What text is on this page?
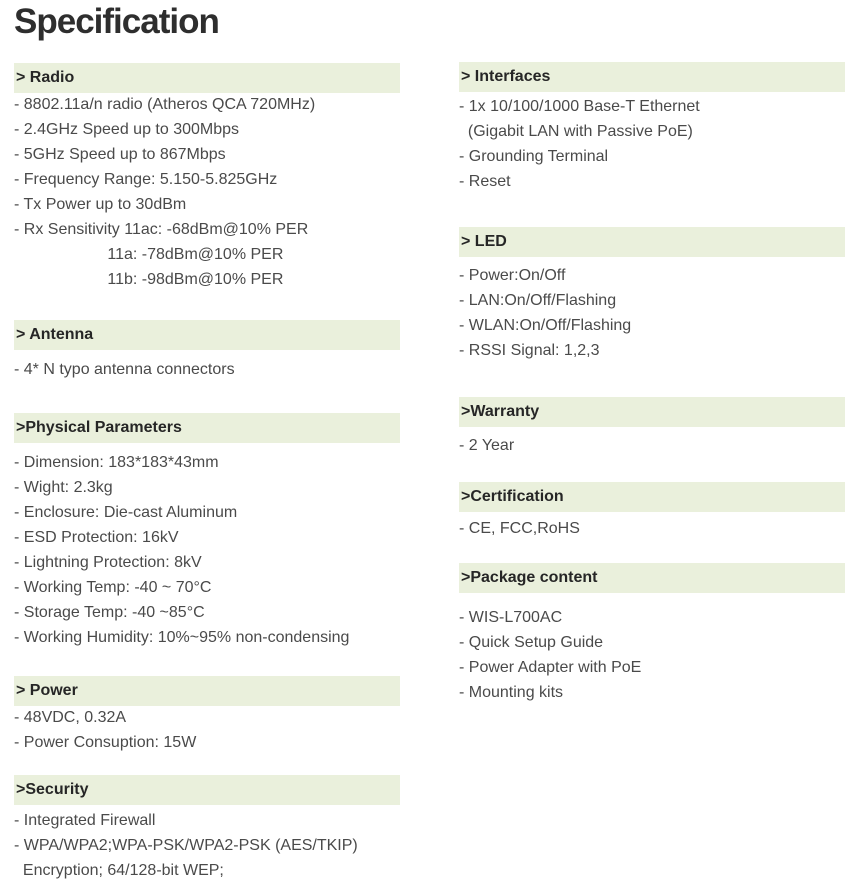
Specification
> Radio
- 8802.11a/n radio (Atheros QCA 720MHz)
- 2.4GHz Speed up to 300Mbps
- 5GHz Speed up to 867Mbps
- Frequency Range: 5.150-5.825GHz
- Tx Power up to 30dBm
- Rx Sensitivity 11ac: -68dBm@10% PER
11a: -78dBm@10% PER
11b: -98dBm@10% PER
> Antenna
- 4* N typo antenna connectors
>Physical Parameters
- Dimension: 183*183*43mm
- Wight: 2.3kg
- Enclosure: Die-cast Aluminum
- ESD Protection: 16kV
- Lightning Protection: 8kV
- Working Temp: -40 ~ 70°C
- Storage Temp: -40 ~85°C
- Working Humidity: 10%~95% non-condensing
> Power
- 48VDC, 0.32A
- Power Consuption: 15W
>Security
- Integrated Firewall
- WPA/WPA2;WPA-PSK/WPA2-PSK (AES/TKIP)
Encryption; 64/128-bit WEP;
> Interfaces
- 1x 10/100/1000 Base-T Ethernet
(Gigabit LAN with Passive PoE)
- Grounding Terminal
- Reset
> LED
- Power:On/Off
- LAN:On/Off/Flashing
- WLAN:On/Off/Flashing
- RSSI Signal: 1,2,3
>Warranty
- 2 Year
>Certification
- CE, FCC,RoHS
>Package content
- WIS-L700AC
- Quick Setup Guide
- Power Adapter with PoE
- Mounting kits
